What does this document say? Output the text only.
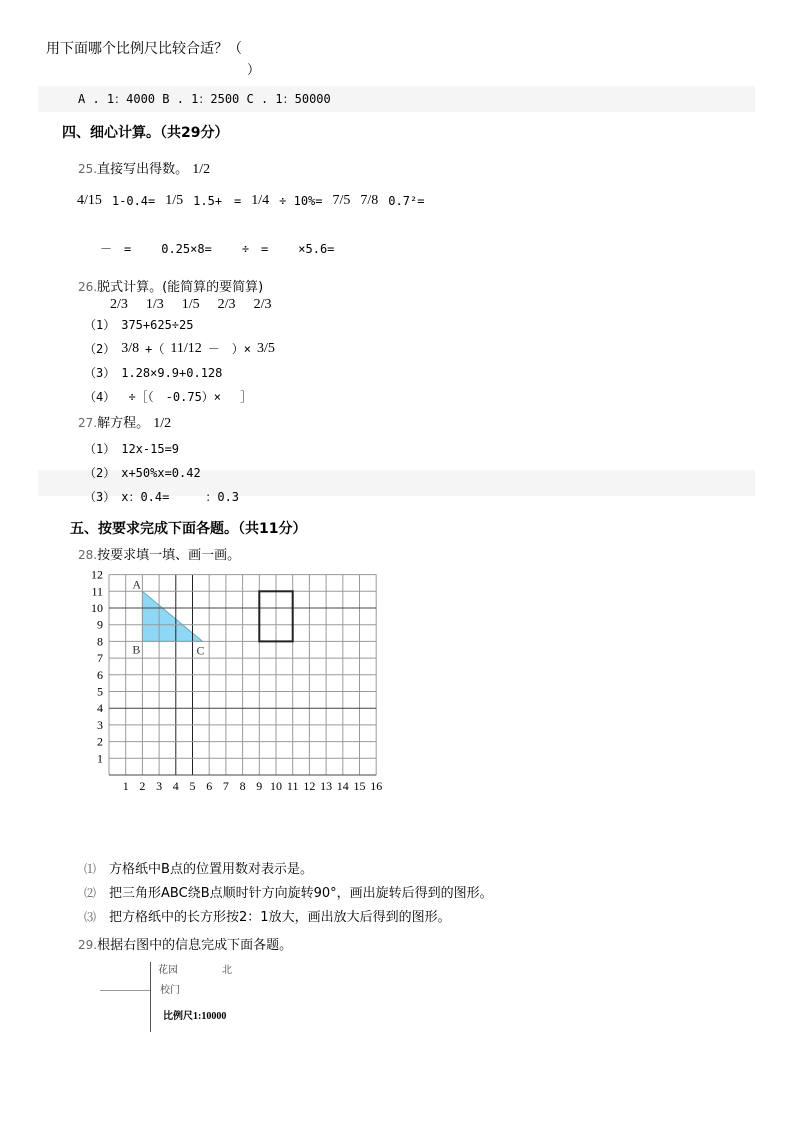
用下面哪个比例尺比较合适？（
）
A . 1：4000 B . 1：2500 C . 1：50000
四、细心计算。（共29分）
25.直接写出得数。 1/2
4/15 1-0.4= 1/5 1.5+　= 1/4 ÷ 10%= 7/5 7/8 0.7²=
－　=	0.25×8=	÷　=	×5.6=
26.脱式计算。(能简算的要简算)
2/3 1/3 1/5 2/3 2/3
（1）　375+625÷25
（2） 3/8 +（ 11/12 －　）× 3/5
（3）　1.28×9.9+0.128
（4）　 ÷［（　-0.75）×　 ］
27.解方程。 1/2
（1）　12x-15=9
（2）　x+50%x=0.42
（3）　x：0.4=　　　：0.3
五、按要求完成下面各题。（共11分）
28.按要求填一填、画一画。
1 2 3 4 5 6 7 8 9 10 11 12 13 14 15 16
1
2
3
4
5
6
7
8
9
10
11
12
A
B	C
⑴　 方格纸中B点的位置用数对表示是。
⑵　 把三角形ABC绕B点顺时针方向旋转90°，画出旋转后得到的图形。
⑶　 把方格纸中的长方形按2：1放大，画出放大后得到的图形。
29.根据右图中的信息完成下面各题。
北
花园
校门
比例尺1:10000
